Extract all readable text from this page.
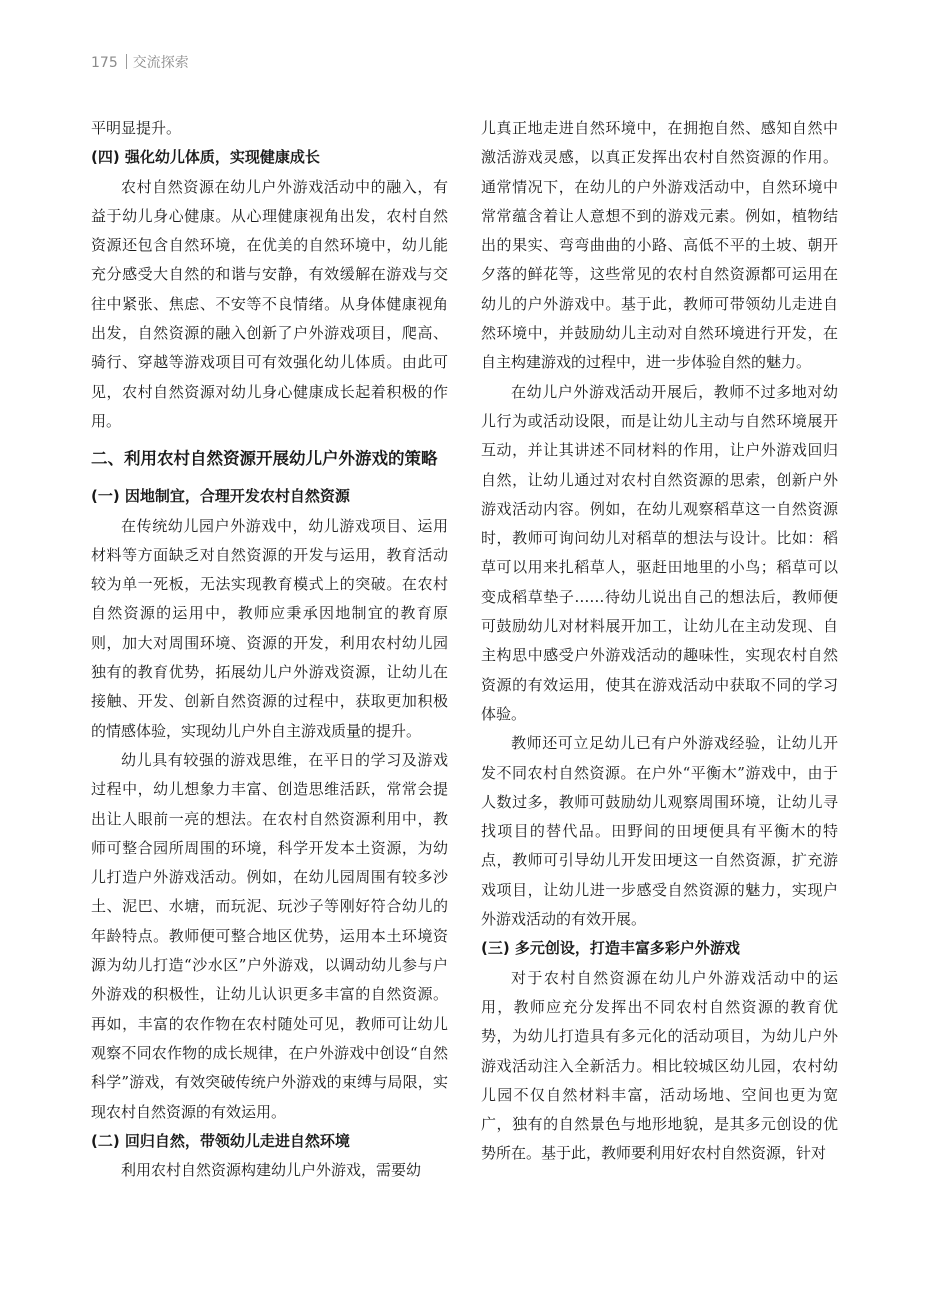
175 交流探索

平明显提升。

(四) 强化幼儿体质，实现健康成长

农村自然资源在幼儿户外游戏活动中的融入，有益于幼儿身心健康。从心理健康视角出发，农村自然资源还包含自然环境，在优美的自然环境中，幼儿能充分感受大自然的和谐与安静，有效缓解在游戏与交往中紧张、焦虑、不安等不良情绪。从身体健康视角出发，自然资源的融入创新了户外游戏项目，爬高、骑行、穿越等游戏项目可有效强化幼儿体质。由此可见，农村自然资源对幼儿身心健康成长起着积极的作用。

二、利用农村自然资源开展幼儿户外游戏的策略
(一) 因地制宜，合理开发农村自然资源

在传统幼儿园户外游戏中，幼儿游戏项目、运用材料等方面缺乏对自然资源的开发与运用，教育活动较为单一死板，无法实现教育模式上的突破。在农村自然资源的运用中，教师应秉承因地制宜的教育原则，加大对周围环境、资源的开发，利用农村幼儿园独有的教育优势，拓展幼儿户外游戏资源，让幼儿在接触、开发、创新自然资源的过程中，获取更加积极的情感体验，实现幼儿户外自主游戏质量的提升。

幼儿具有较强的游戏思维，在平日的学习及游戏过程中，幼儿想象力丰富、创造思维活跃，常常会提出让人眼前一亮的想法。在农村自然资源利用中，教师可整合园所周围的环境，科学开发本土资源，为幼儿打造户外游戏活动。例如，在幼儿园周围有较多沙土、泥巴、水塘，而玩泥、玩沙子等刚好符合幼儿的年龄特点。教师便可整合地区优势，运用本土环境资源为幼儿打造“沙水区”户外游戏，以调动幼儿参与户外游戏的积极性，让幼儿认识更多丰富的自然资源。再如，丰富的农作物在农村随处可见，教师可让幼儿观察不同农作物的成长规律，在户外游戏中创设“自然科学”游戏，有效突破传统户外游戏的束缚与局限，实现农村自然资源的有效运用。

(二) 回归自然，带领幼儿走进自然环境

利用农村自然资源构建幼儿户外游戏，需要幼

儿真正地走进自然环境中，在拥抱自然、感知自然中激活游戏灵感，以真正发挥出农村自然资源的作用。通常情况下，在幼儿的户外游戏活动中，自然环境中常常蕴含着让人意想不到的游戏元素。例如，植物结出的果实、弯弯曲曲的小路、高低不平的土坡、朝开夕落的鲜花等，这些常见的农村自然资源都可运用在幼儿的户外游戏中。基于此，教师可带领幼儿走进自然环境中，并鼓励幼儿主动对自然环境进行开发，在自主构建游戏的过程中，进一步体验自然的魅力。

在幼儿户外游戏活动开展后，教师不过多地对幼儿行为或活动设限，而是让幼儿主动与自然环境展开互动，并让其讲述不同材料的作用，让户外游戏回归自然，让幼儿通过对农村自然资源的思索，创新户外游戏活动内容。例如，在幼儿观察稻草这一自然资源时，教师可询问幼儿对稻草的想法与设计。比如：稻草可以用来扎稻草人，驱赶田地里的小鸟；稻草可以变成稻草垫子……待幼儿说出自己的想法后，教师便可鼓励幼儿对材料展开加工，让幼儿在主动发现、自主构思中感受户外游戏活动的趣味性，实现农村自然资源的有效运用，使其在游戏活动中获取不同的学习体验。

教师还可立足幼儿已有户外游戏经验，让幼儿开发不同农村自然资源。在户外“平衡木”游戏中，由于人数过多，教师可鼓励幼儿观察周围环境，让幼儿寻找项目的替代品。田野间的田埂便具有平衡木的特点，教师可引导幼儿开发田埂这一自然资源，扩充游戏项目，让幼儿进一步感受自然资源的魅力，实现户外游戏活动的有效开展。

(三) 多元创设，打造丰富多彩户外游戏

对于农村自然资源在幼儿户外游戏活动中的运用，教师应充分发挥出不同农村自然资源的教育优势，为幼儿打造具有多元化的活动项目，为幼儿户外游戏活动注入全新活力。相比较城区幼儿园，农村幼儿园不仅自然材料丰富，活动场地、空间也更为宽广，独有的自然景色与地形地貌，是其多元创设的优势所在。基于此，教师要利用好农村自然资源，针对
